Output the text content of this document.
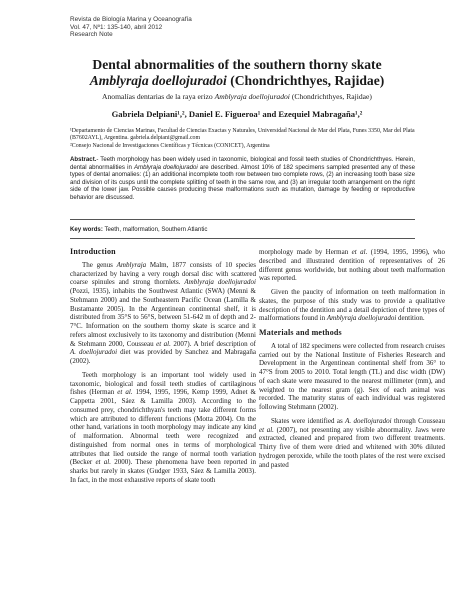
Revista de Biología Marina y Oceanografía
Vol. 47, Nº1: 135-140, abril 2012
Research Note
Dental abnormalities of the southern thorny skate
Amblyraja doellojuradoi (Chondrichthyes, Rajidae)
Anomalías dentarias de la raya erizo Amblyraja doellojuradoi (Chondrichthyes, Rajidae)
Gabriela Delpiani¹,², Daniel E. Figueroa¹ and Ezequiel Mabragaña¹,²
¹Departamento de Ciencias Marinas, Facultad de Ciencias Exactas y Naturales, Universidad Nacional de Mar del Plata, Funes 3350, Mar del Plata (B7602AYL), Argentina. gabriela.delpiani@gmail.com
²Consejo Nacional de Investigaciones Científicas y Técnicas (CONICET), Argentina
Abstract.- Teeth morphology has been widely used in taxonomic, biological and fossil teeth studies of Chondrichthyes. Herein, dental abnormalities in Amblyraja doellojuradoi are described. Almost 10% of 182 specimens sampled presented any of these types of dental anomalies: (1) an additional incomplete tooth row between two complete rows, (2) an increasing tooth base size and division of its cusps until the complete splitting of teeth in the same row, and (3) an irregular tooth arrangement on the right side of the lower jaw. Possible causes producing these malformations such as mutation, damage by feeding or reproductive behavior are discussed.
Key words: Teeth, malformation, Southern Atlantic
Introduction

The genus Amblyraja Malm, 1877 consists of 10 species characterized by having a very rough dorsal disc with scattered coarse spinules and strong thornlets. Amblyraja doellojuradoi (Pozzi, 1935), inhabits the Southwest Atlantic (SWA) (Menni & Stehmann 2000) and the Southeastern Pacific Ocean (Lamilla & Bustamante 2005). In the Argentinean continental shelf, it is distributed from 35°S to 56°S, between 51-642 m of depth and 2-7°C. Information on the southern thorny skate is scarce and it refers almost exclusively to its taxonomy and distribution (Menni & Stehmann 2000, Cousseau et al. 2007). A brief description of A. doellojuradoi diet was provided by Sanchez and Mabragaña (2002).

Teeth morphology is an important tool widely used in taxonomic, biological and fossil teeth studies of cartilaginous fishes (Herman et al. 1994, 1995, 1996, Kemp 1999, Adnet & Cappetta 2001, Sáez & Lamilla 2003). According to the consumed prey, chondrichthyan's teeth may take different forms which are attributed to different functions (Motta 2004). On the other hand, variations in tooth morphology may indicate any kind of malformation. Abnormal teeth were recognized and distinguished from normal ones in terms of morphological attributes that lied outside the range of normal tooth variation (Becker et al. 2000). These phenomena have been reported in sharks but rarely in skates (Gudger 1933, Sáez & Lamilla 2003). In fact, in the most exhaustive reports of skate tooth

morphology made by Herman et al. (1994, 1995, 1996), who described and illustrated dentition of representatives of 26 different genus worldwide, but nothing about teeth malformation was reported.

Given the paucity of information on teeth malformation in skates, the purpose of this study was to provide a qualitative description of the dentition and a detail depiction of three types of malformations found in Amblyraja doellojuradoi dentition.

Materials and methods

A total of 182 specimens were collected from research cruises carried out by the National Institute of Fisheries Research and Development in the Argentinean continental shelf from 36° to 47°S from 2005 to 2010. Total length (TL) and disc width (DW) of each skate were measured to the nearest millimeter (mm), and weighted to the nearest gram (g). Sex of each animal was recorded. The maturity status of each individual was registered following Stehmann (2002).

Skates were identified as A. doellojuradoi through Cousseau et al. (2007), not presenting any visible abnormality. Jaws were extracted, cleaned and prepared from two different treatments. Thirty five of them were dried and whitened with 30% diluted hydrogen peroxide, while the tooth plates of the rest were excised and pasted
